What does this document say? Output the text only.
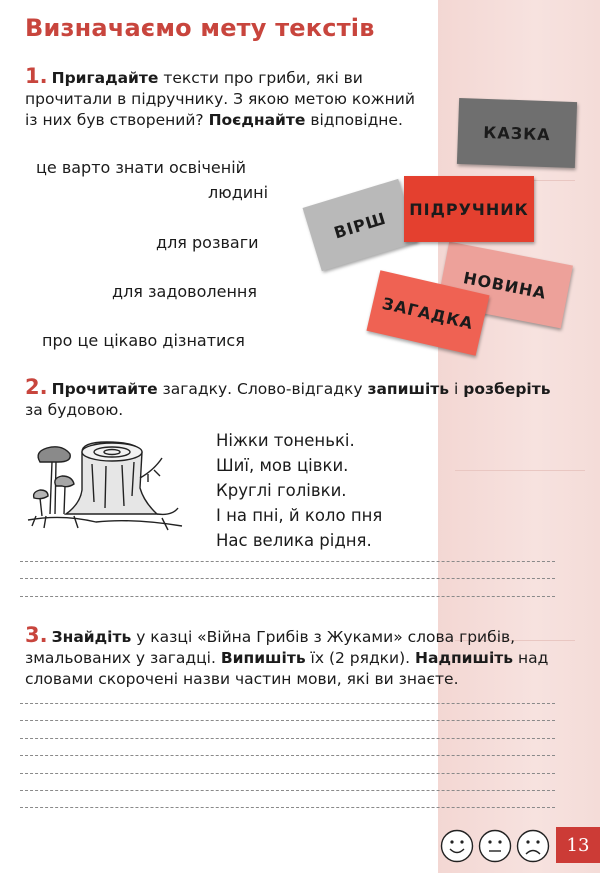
Визначаємо мету текстів
1. Пригадайте тексти про гриби, які ви прочитали в підручнику. З якою метою кожний із них був створений? Поєднайте відповідне.
це варто знати освіченій
людині
для розваги
для задоволення
про це цікаво дізнатися
КАЗКА
ВІРШ
НОВИНА
ПІДРУЧНИК
ЗАГАДКА
2. Прочитайте загадку. Слово-відгадку запишіть і розберіть за будовою.
Ніжки тоненькі.
Шиї, мов цівки.
Круглі голівки.
І на пні, й коло пня
Нас велика рідня.
3. Знайдіть у казці «Війна Грибів з Жуками» слова грибів, змальованих у загадці. Випишіть їх (2 рядки). Надпишіть над словами скорочені назви частин мови, які ви знаєте.
13
